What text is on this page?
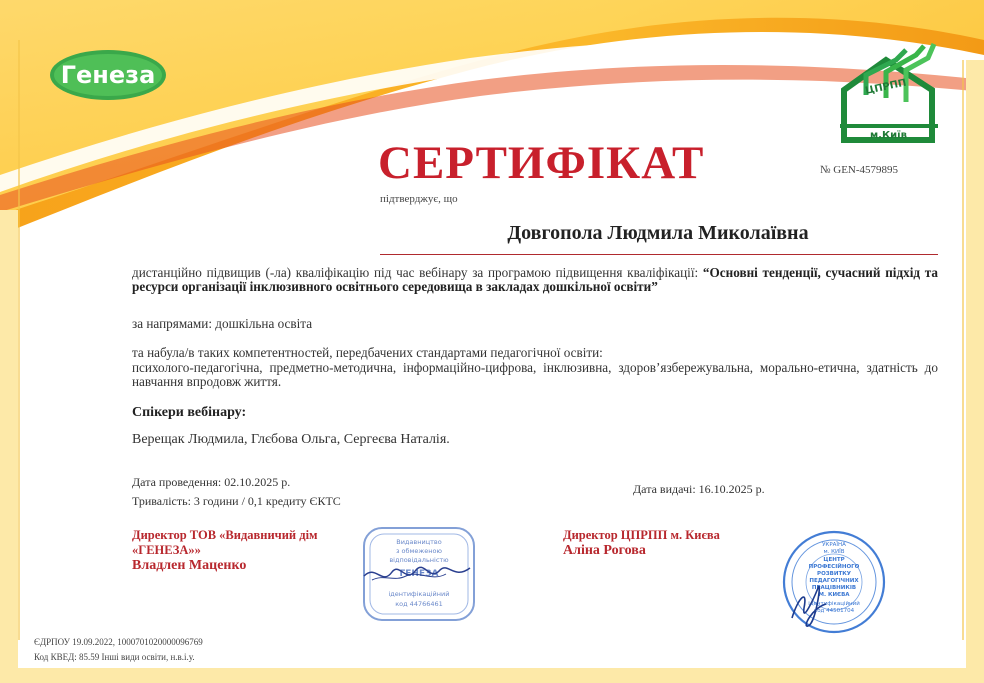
Генеза	ЦПРПП
м.Київ
СЕРТИФІКАТ	№ GEN-4579895
підтверджує, що
Довгопола Людмила Миколаївна
дистанційно підвищив (-ла) кваліфікацію під час вебінару за програмою підвищення кваліфікації: “Основні тенденції, сучасний підхід та ресурси організації інклюзивного освітнього середовища в закладах дошкільної освіти”
за напрямами: дошкільна освіта
та набула/в таких компетентностей, передбачених стандартами педагогічної освіти:
психолого-педагогічна, предметно-методична, інформаційно-цифрова, інклюзивна, здоров’язбережувальна, морально-етична, здатність до навчання впродовж життя.
Спікери вебінару:
Верещак Людмила, Глєбова Ольга, Сергеєва Наталія.
Дата проведення: 02.10.2025 р.
Тривалість: 3 години / 0,1 кредиту ЄКТС
Дата видачі: 16.10.2025 р.
Директор ТОВ «Видавничий дім «ГЕНЕЗА»»
Владлен Маценко
Директор ЦПРПП м. Києва
Аліна Рогова
Видавництво
з обмеженою
відповідальністю
ГЕНЕЗА
ідентифікаційний
код 44766461
УКРАЇНА
м. КИЇВ
ЦЕНТР
ПРОФЕСІЙНОГО
РОЗВИТКУ
ПЕДАГОГІЧНИХ
ПРАЦІВНИКІВ
М. КИЄВА
ідентифікаційний
код 44501704
ЄДРПОУ 19.09.2022, 1000701020000096769
Код КВЕД: 85.59 Інші види освіти, н.в.і.у.
